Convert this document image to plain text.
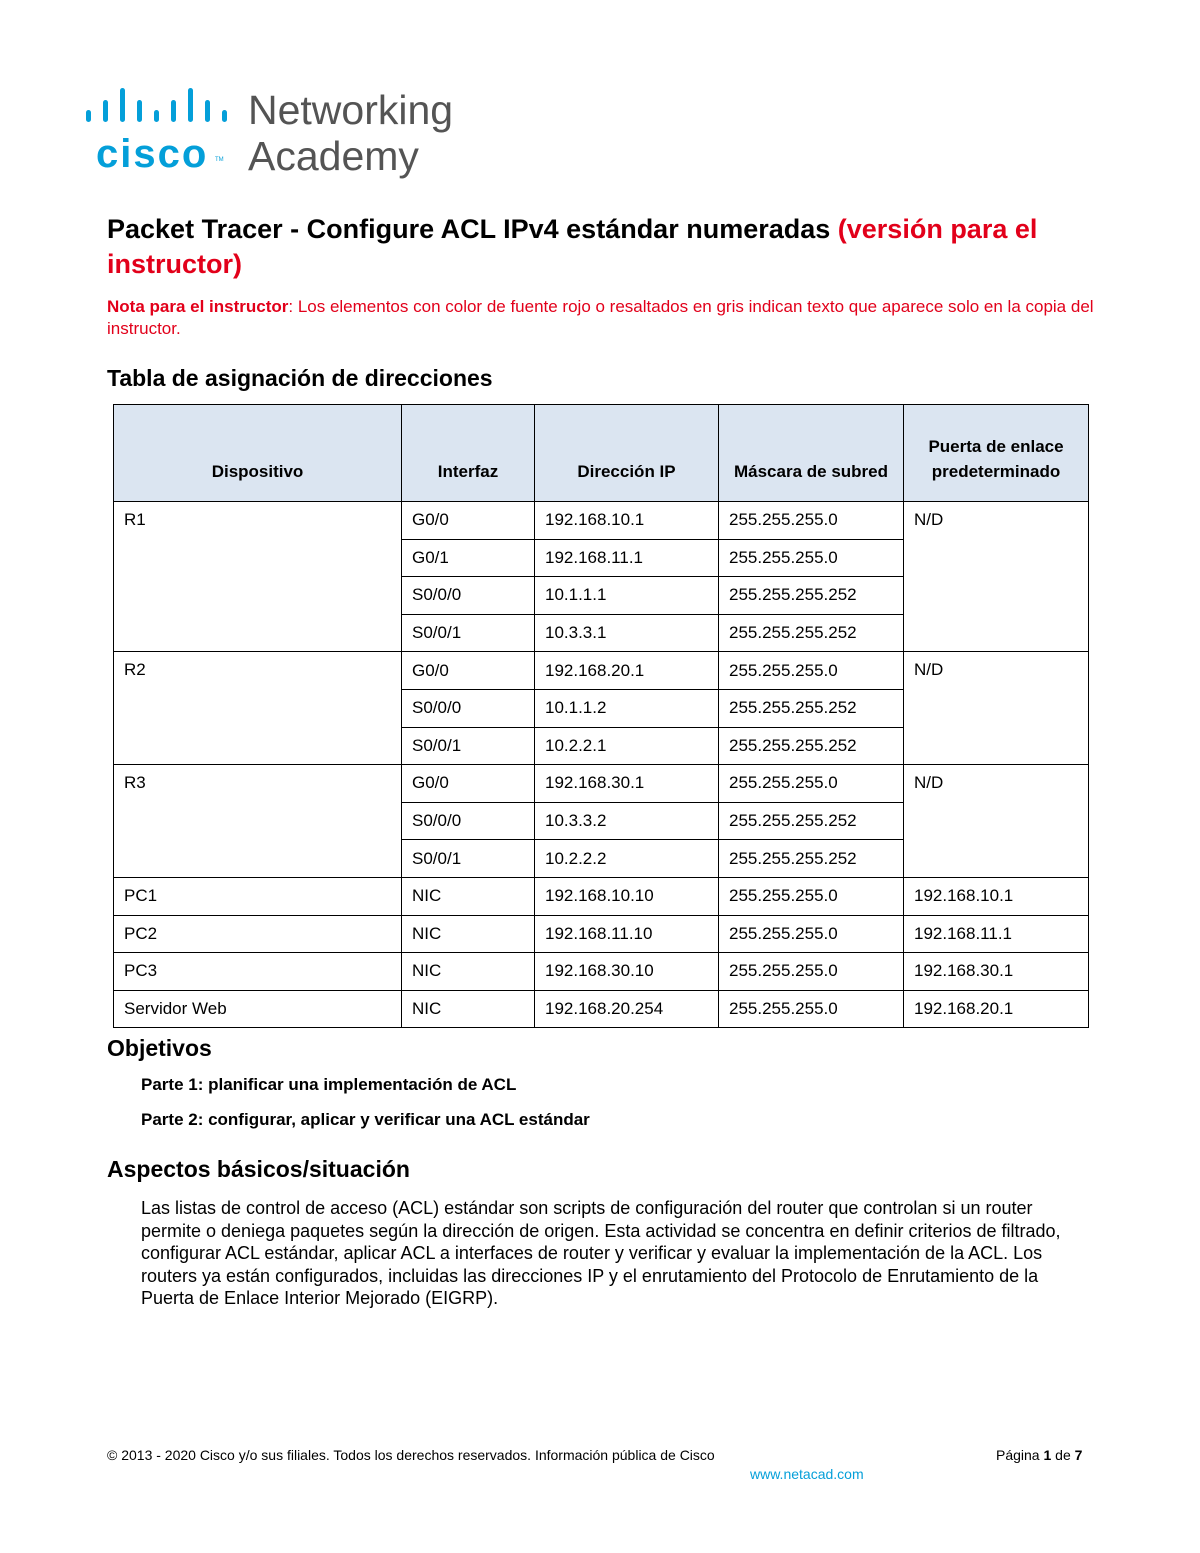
cisco TM
Networking
Academy
Packet Tracer - Configure ACL IPv4 estándar numeradas (versión para el instructor)

Nota para el instructor: Los elementos con color de fuente rojo o resaltados en gris indican texto que aparece solo en la copia del instructor.

Tabla de asignación de direcciones
Dispositivo	Interfaz	Dirección IP	Máscara de subred	Puerta de enlace predeterminado
R1	G0/0	192.168.10.1	255.255.255.0	N/D
	G0/1	192.168.11.1	255.255.255.0	
	S0/0/0	10.1.1.1	255.255.255.252	
	S0/0/1	10.3.3.1	255.255.255.252	
R2	G0/0	192.168.20.1	255.255.255.0	N/D
	S0/0/0	10.1.1.2	255.255.255.252	
	S0/0/1	10.2.2.1	255.255.255.252	
R3	G0/0	192.168.30.1	255.255.255.0	N/D
	S0/0/0	10.3.3.2	255.255.255.252	
	S0/0/1	10.2.2.2	255.255.255.252	
PC1	NIC	192.168.10.10	255.255.255.0	192.168.10.1
PC2	NIC	192.168.11.10	255.255.255.0	192.168.11.1
PC3	NIC	192.168.30.10	255.255.255.0	192.168.30.1
Servidor Web	NIC	192.168.20.254	255.255.255.0	192.168.20.1
Objetivos

Parte 1: planificar una implementación de ACL

Parte 2: configurar, aplicar y verificar una ACL estándar

Aspectos básicos/situación

Las listas de control de acceso (ACL) estándar son scripts de configuración del router que controlan si un router permite o deniega paquetes según la dirección de origen. Esta actividad se concentra en definir criterios de filtrado, configurar ACL estándar, aplicar ACL a interfaces de router y verificar y evaluar la implementación de la ACL. Los routers ya están configurados, incluidas las direcciones IP y el enrutamiento del Protocolo de Enrutamiento de la Puerta de Enlace Interior Mejorado (EIGRP).

© 2013 - 2020 Cisco y/o sus filiales. Todos los derechos reservados. Información pública de Cisco	Página 1 de 7

www.netacad.com
